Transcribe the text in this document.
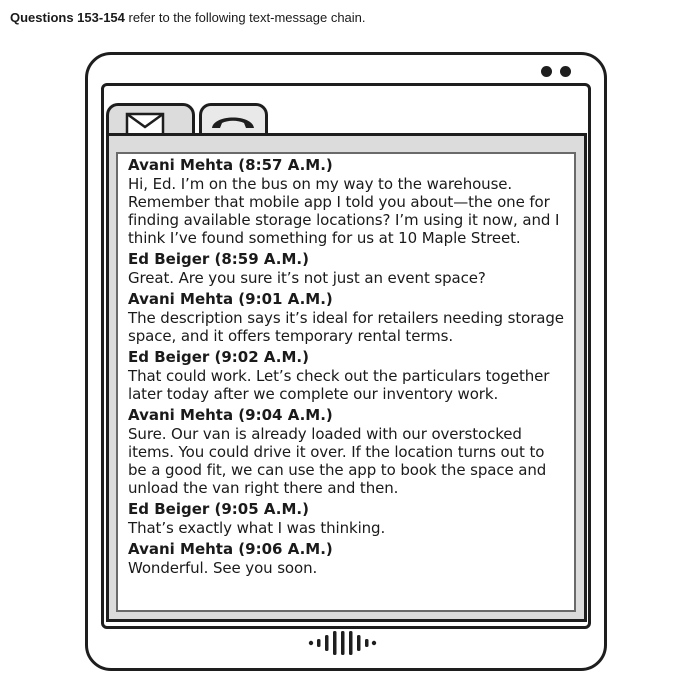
Questions 153-154 refer to the following text-message chain.

Avani Mehta (8:57 A.M.)

Hi, Ed. I’m on the bus on my way to the warehouse.
Remember that mobile app I told you about—the one for
finding available storage locations? I’m using it now, and I
think I’ve found something for us at 10 Maple Street.

Ed Beiger (8:59 A.M.)

Great. Are you sure it’s not just an event space?

Avani Mehta (9:01 A.M.)

The description says it’s ideal for retailers needing storage
space, and it offers temporary rental terms.

Ed Beiger (9:02 A.M.)

That could work. Let’s check out the particulars together
later today after we complete our inventory work.

Avani Mehta (9:04 A.M.)

Sure. Our van is already loaded with our overstocked
items. You could drive it over. If the location turns out to
be a good fit, we can use the app to book the space and
unload the van right there and then.

Ed Beiger (9:05 A.M.)

That’s exactly what I was thinking.

Avani Mehta (9:06 A.M.)

Wonderful. See you soon.
